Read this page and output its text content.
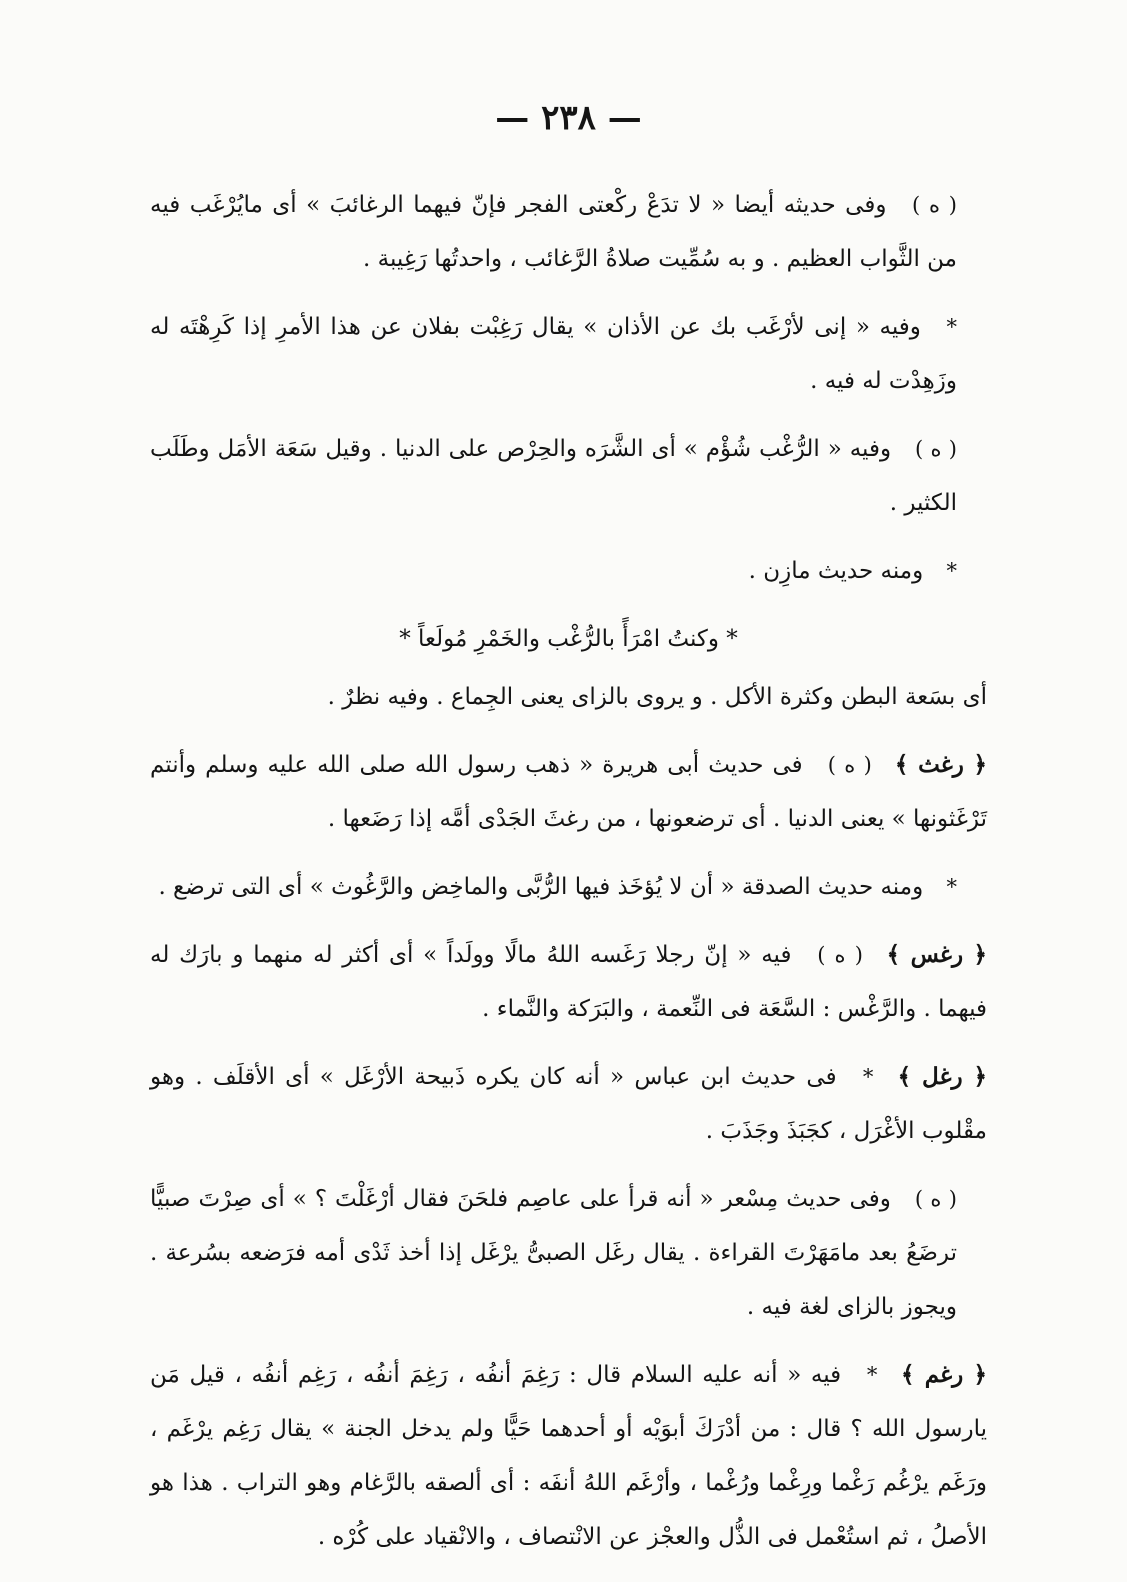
— ٢٣٨ —

( ه ) وفى حديثه أيضا « لا تدَعْ ركْعتى الفجر فإنّ فيهما الرغائبَ » أى مايُرْغَب فيه من الثَّواب العظيم . و به سُمِّيت صلاةُ الرَّغائب ، واحدتُها رَغِيبة .

* وفيه « إنى لأرْغَب بك عن الأذان » يقال رَغِبْت بفلان عن هذا الأمرِ إذا كَرِهْتَه له وزَهِدْت له فيه .

( ه ) وفيه « الرُّغْب شُؤْم » أى الشَّرَه والحِرْص على الدنيا . وقيل سَعَة الأمَل وطَلَب الكثير .

* ومنه حديث مازِن .

* وكنتُ امْرَأً بالرُّغْب والخَمْرِ مُولَعاً *

أى بسَعة البطن وكثرة الأكل . و يروى بالزاى يعنى الجِماع . وفيه نظرٌ .

﴿ رغث ﴾ ( ه ) فى حديث أبى هريرة « ذهب رسول الله صلى الله عليه وسلم وأنتم تَرْغَثونها » يعنى الدنيا . أى ترضعونها ، من رغثَ الجَدْى أمَّه إذا رَضَعها .

* ومنه حديث الصدقة « أن لا يُؤخَذ فيها الرُّبَّى والماخِض والرَّغُوث » أى التى ترضع .

﴿ رغس ﴾ ( ه ) فيه « إنّ رجلا رَغَسه اللهُ مالًا وولَداً » أى أكثر له منهما و بارَك له فيهما . والرَّغْس : السَّعَة فى النِّعمة ، والبَرَكة والنَّماء .

﴿ رغل ﴾ * فى حديث ابن عباس « أنه كان يكره ذَبيحة الأرْغَل » أى الأقلَف . وهو مقْلوب الأغْرَل ، كجَبَذَ وجَذَبَ .

( ه ) وفى حديث مِسْعر « أنه قرأ على عاصِم فلحَنَ فقال أرْغَلْتَ ؟ » أى صِرْتَ صبيًّا ترضَعُ بعد مامَهَرْتَ القراءة . يقال رغَل الصبىُّ يرْغَل إذا أخذ ثَدْى أمه فرَضعه بسُرعة . ويجوز بالزاى لغة فيه .

﴿ رغم ﴾ * فيه « أنه عليه السلام قال : رَغِمَ أنفُه ، رَغِمَ أنفُه ، رَغِم أنفُه ، قيل مَن يارسول الله ؟ قال : من أدْرَكَ أبوَيْه أو أحدهما حَيًّا ولم يدخل الجنة » يقال رَغِم يرْغَم ، ورَغَم يرْغُم رَغْما ورِغْما ورُغْما ، وأرْغَم اللهُ أنفَه : أى ألصقه بالرَّغام وهو التراب . هذا هو الأصلُ ، ثم استُعْمل فى الذُّل والعجْز عن الانْتصاف ، والانْقياد على كُرْه .
